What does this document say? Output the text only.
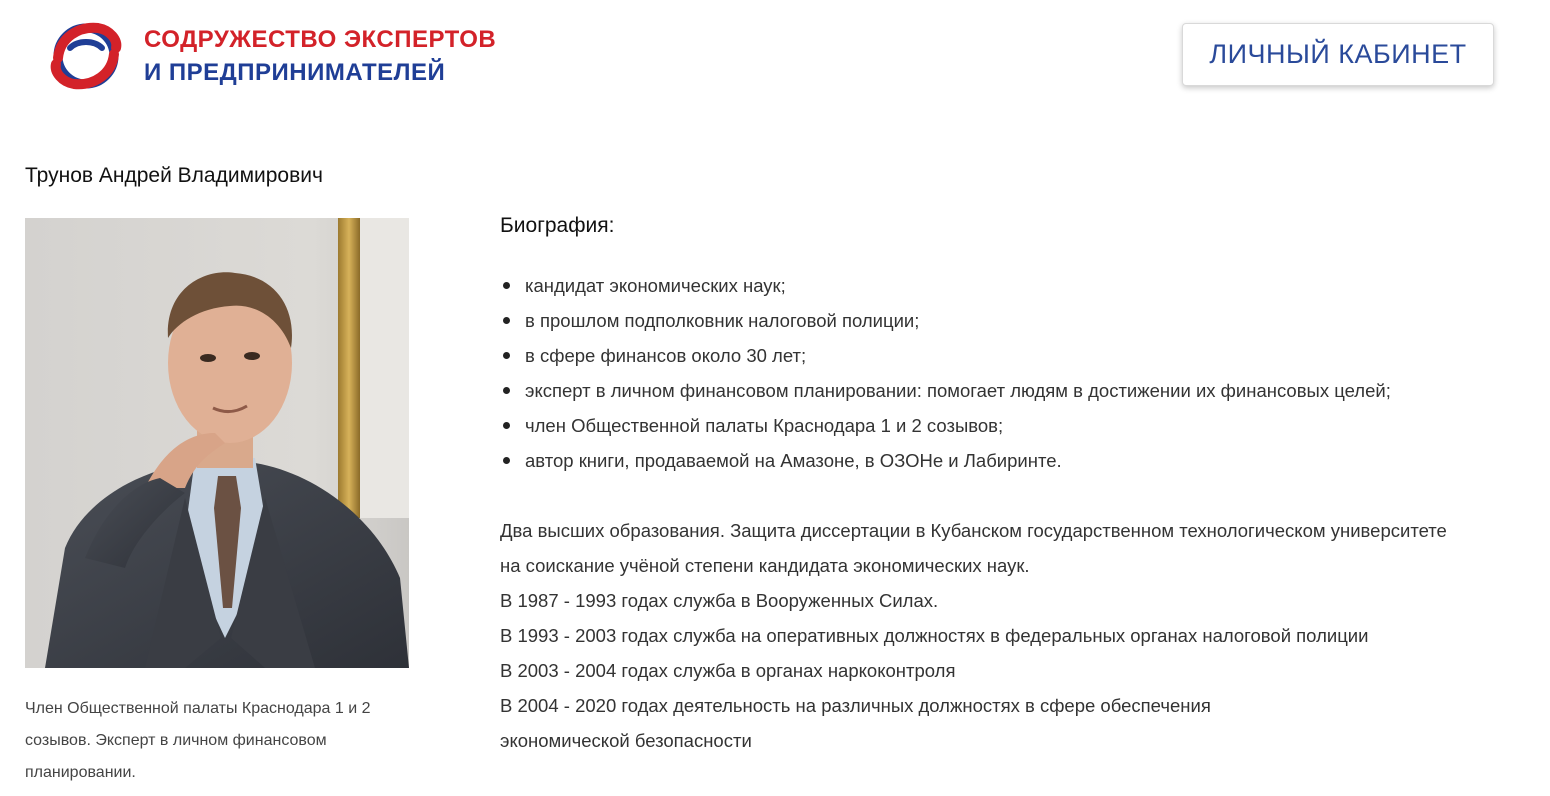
СОДРУЖЕСТВО ЭКСПЕРТОВ
И ПРЕДПРИНИМАТЕЛЕЙ
ЛИЧНЫЙ КАБИНЕТ
Трунов Андрей Владимирович
Член Общественной палаты Краснодара 1 и 2 созывов. Эксперт в личном финансовом планировании.
Биография:
кандидат экономических наук;
в прошлом подполковник налоговой полиции;
в сфере финансов около 30 лет;
эксперт в личном финансовом планировании: помогает людям в достижении их финансовых целей;
член Общественной палаты Краснодара 1 и 2 созывов;
автор книги, продаваемой на Амазоне, в ОЗОНе и Лабиринте.
Два высших образования. Защита диссертации в Кубанском государственном технологическом университете
на соискание учёной степени кандидата экономических наук.
В 1987 - 1993 годах служба в Вооруженных Силах.
В 1993 - 2003 годах служба на оперативных должностях в федеральных органах налоговой полиции
В 2003 - 2004 годах служба в органах наркоконтроля
В 2004 - 2020 годах деятельность на различных должностях в сфере обеспечения
экономической безопасности
